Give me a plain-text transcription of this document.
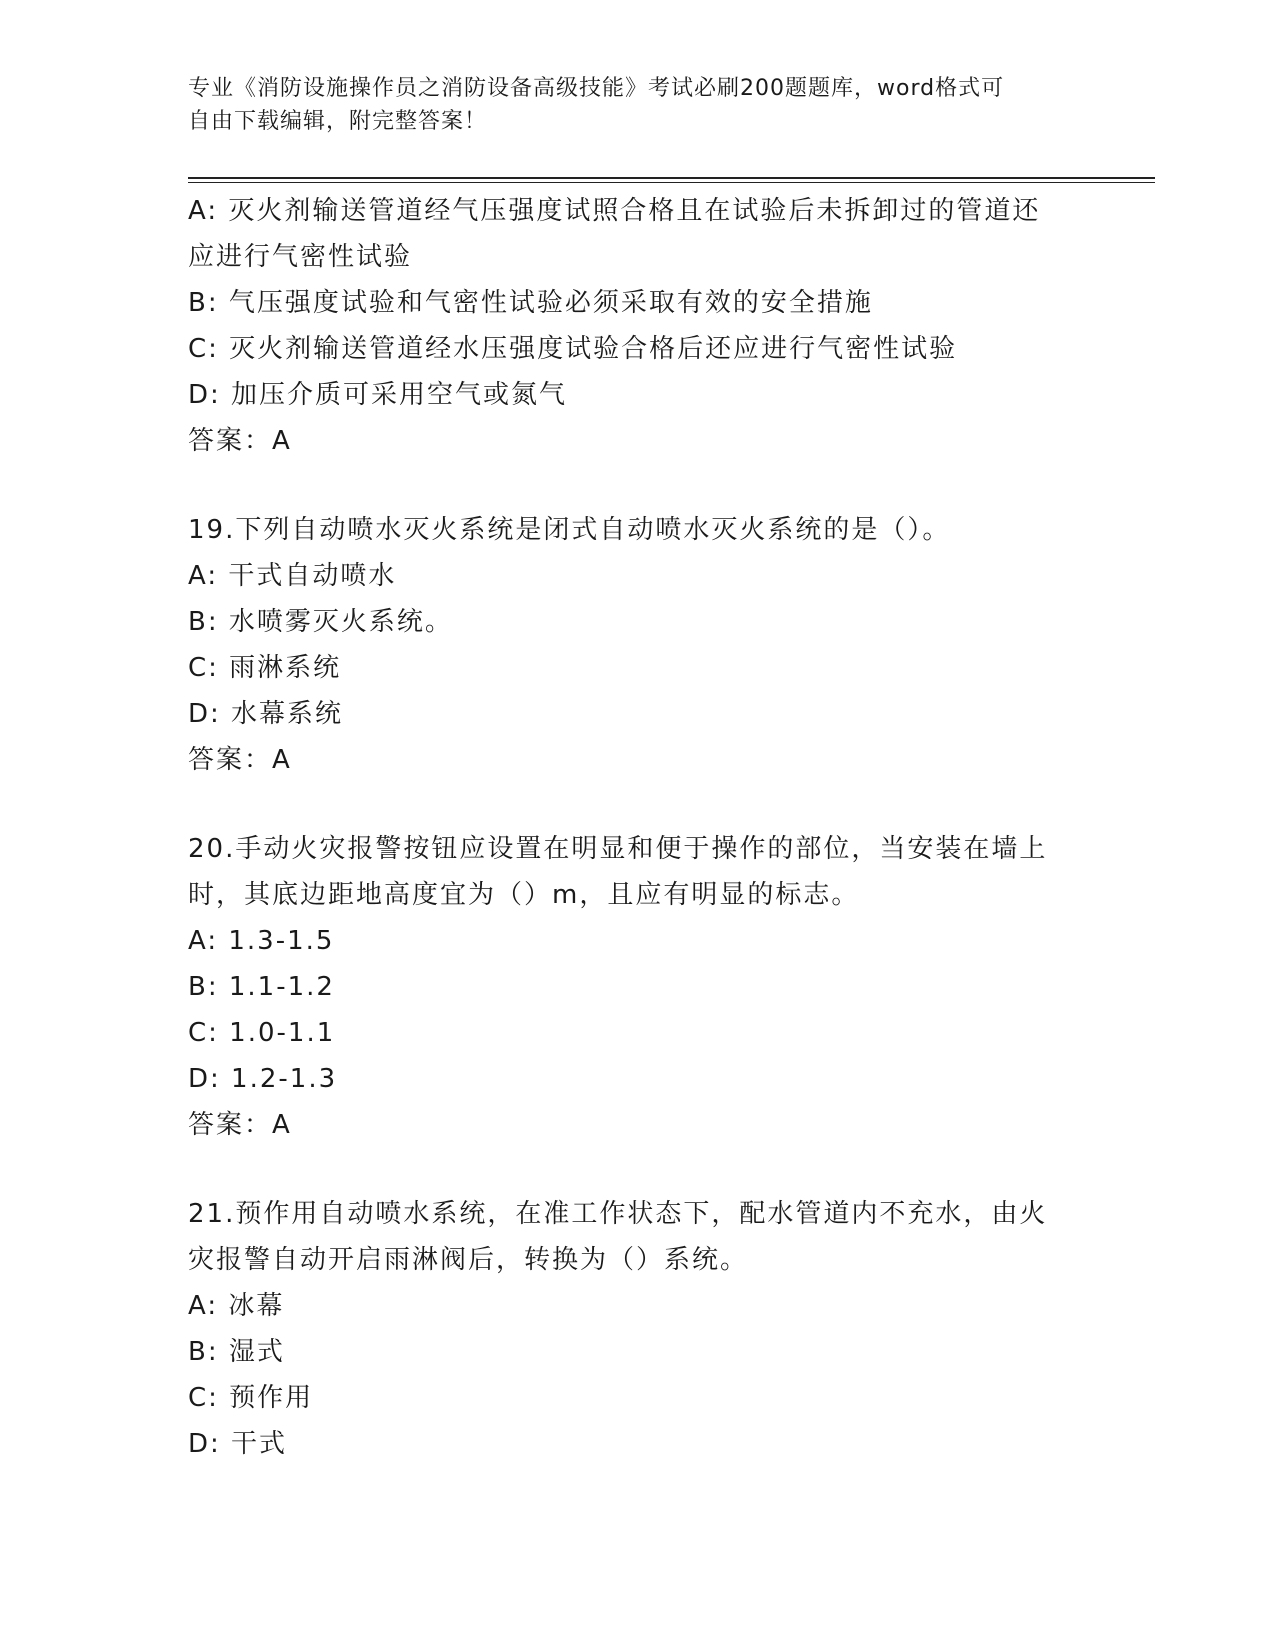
专业《消防设施操作员之消防设备高级技能》考试必刷200题题库，word格式可
自由下载编辑，附完整答案！
A: 灭火剂输送管道经气压强度试照合格且在试验后未拆卸过的管道还
应进行气密性试验
B: 气压强度试验和气密性试验必须采取有效的安全措施
C: 灭火剂输送管道经水压强度试验合格后还应进行气密性试验
D: 加压介质可采用空气或氮气
答案：A
19.下列自动喷水灭火系统是闭式自动喷水灭火系统的是（）。
A: 干式自动喷水
B: 水喷雾灭火系统。
C: 雨淋系统
D: 水幕系统
答案：A
20.手动火灾报警按钮应设置在明显和便于操作的部位，当安装在墙上
时，其底边距地高度宜为（）m，且应有明显的标志。
A: 1.3-1.5
B: 1.1-1.2
C: 1.0-1.1
D: 1.2-1.3
答案：A
21.预作用自动喷水系统，在准工作状态下，配水管道内不充水，由火
灾报警自动开启雨淋阀后，转换为（）系统。
A: 冰幕
B: 湿式
C: 预作用
D: 干式
